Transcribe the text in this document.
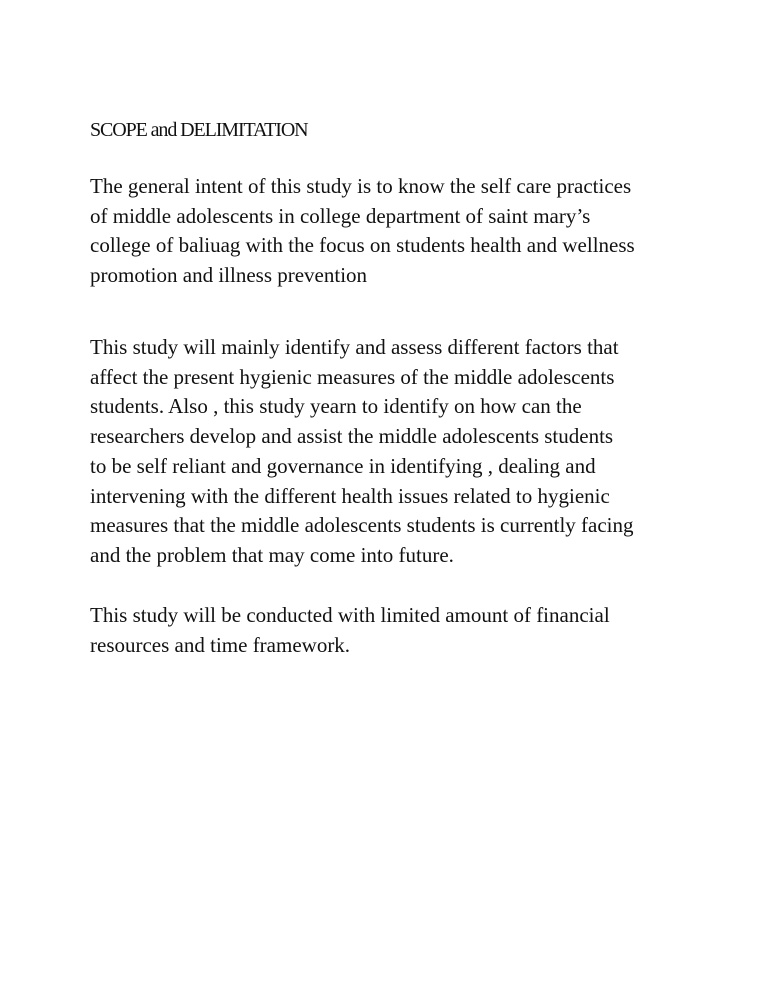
SCOPE and DELIMITATION

The general intent of this study is to know the self care practices
of middle adolescents in college department of saint mary’s
college of baliuag with the focus on students health and wellness
promotion and illness prevention

This study will mainly identify and assess different factors that
affect the present hygienic measures of the middle adolescents
students. Also , this study yearn to identify on how can the
researchers develop and assist the middle adolescents students
to be self reliant and governance in identifying , dealing and
intervening with the different health issues related to hygienic
measures that the middle adolescents students is currently facing
and the problem that may come into future.

This study will be conducted with limited amount of financial
resources and time framework.
